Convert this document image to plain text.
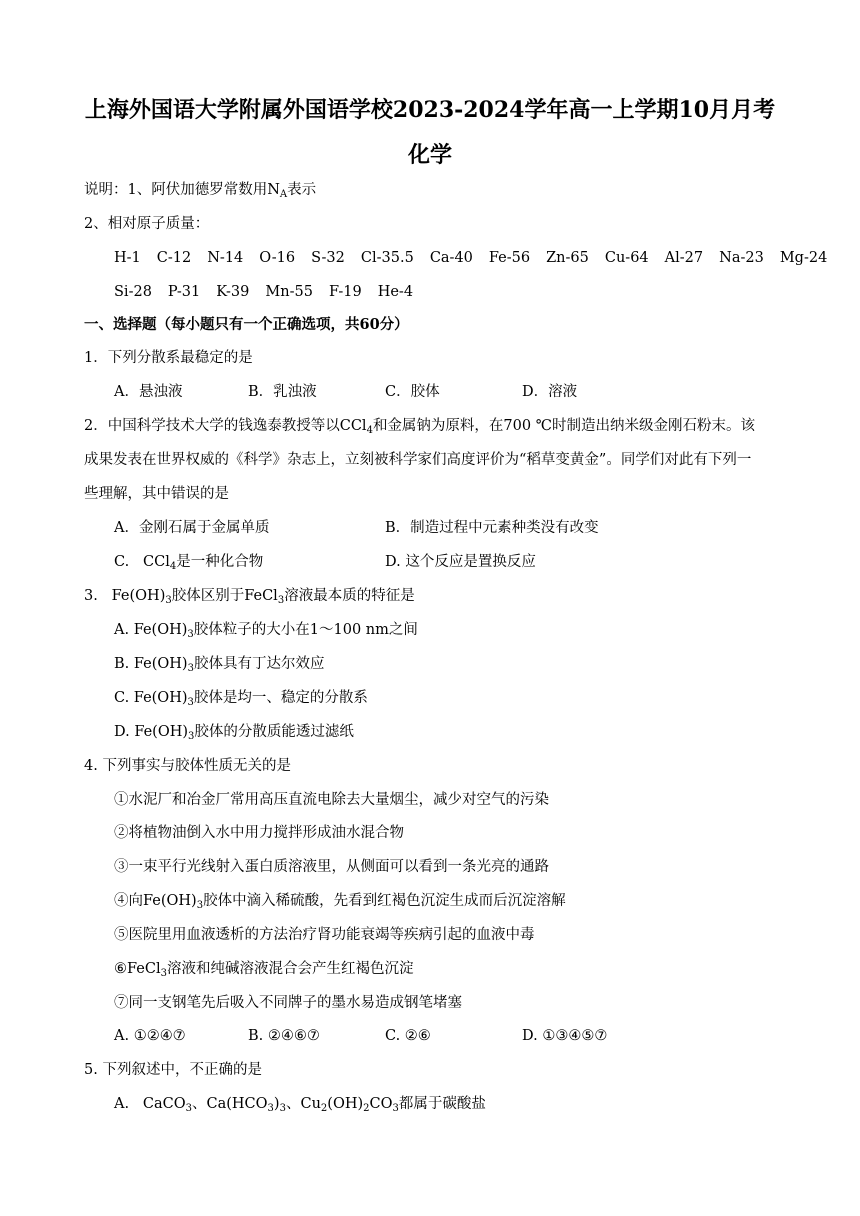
上海外国语大学附属外国语学校2023-2024学年高一上学期10月月考
化学
说明：1、阿伏加德罗常数用$N_A$表示
2、相对原子质量：
H-1 C-12 N-14 O-16 S-32 Cl-35.5 Ca-40 Fe-56 Zn-65 Cu-64 Al-27 Na-23 Mg-24
Si-28 P-31 K-39 Mn-55 F-19 He-4
一、选择题（每小题只有一个正确选项，共60分）
1．下列分散系最稳定的是
A．悬浊液	B．乳浊液	C．胶体	D．溶液
2．中国科学技术大学的钱逸泰教授等以CCl$_4$和金属钠为原料，在700 ℃时制造出纳米级金刚石粉末。该
成果发表在世界权威的《科学》杂志上，立刻被科学家们高度评价为“稻草变黄金”。同学们对此有下列一
些理解，其中错误的是
A．金刚石属于金属单质	B．制造过程中元素种类没有改变
C.   CCl$_4$是一种化合物	D. 这个反应是置换反应
3.   $Fe(OH)_3$胶体区别于FeCl$_3$溶液最本质的特征是
A. $Fe(OH)_3$胶体粒子的大小在1～100 nm之间
B. $Fe(OH)_3$胶体具有丁达尔效应
C. $Fe(OH)_3$胶体是均一、稳定的分散系
D. $Fe(OH)_3$胶体的分散质能透过滤纸
4. 下列事实与胶体性质无关的是
①水泥厂和冶金厂常用高压直流电除去大量烟尘，减少对空气的污染
②将植物油倒入水中用力搅拌形成油水混合物
③一束平行光线射入蛋白质溶液里，从侧面可以看到一条光亮的通路
④向$Fe(OH)_3$胶体中滴入稀硫酸，先看到红褐色沉淀生成而后沉淀溶解
⑤医院里用血液透析的方法治疗肾功能衰竭等疾病引起的血液中毒
⑥FeCl$_3$溶液和纯碱溶液混合会产生红褐色沉淀
⑦同一支钢笔先后吸入不同牌子的墨水易造成钢笔堵塞
A. ①②④⑦	B. ②④⑥⑦	C. ②⑥	D. ①③④⑤⑦
5. 下列叙述中，不正确的是
A.   CaCO$_3$、$Ca(HCO_3)_3$、$Cu_2(OH)_2CO_3$都属于碳酸盐
